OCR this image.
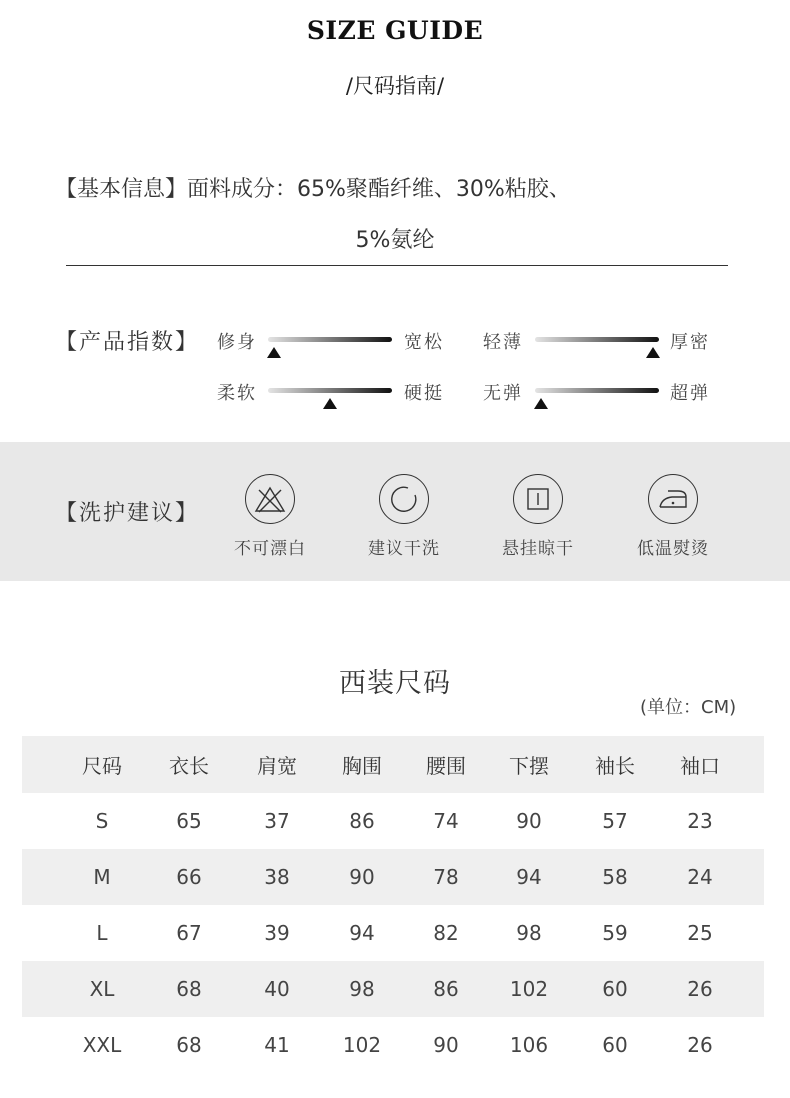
SIZE GUIDE
/尺码指南/
【基本信息】面料成分：65%聚酯纤维、30%粘胶、
5%氨纶
【产品指数】 修身	宽松 轻薄	厚密
柔软	硬挺 无弹	超弹
【洗护建议】
不可漂白	建议干洗	悬挂晾干	低温熨烫
西装尺码
(单位：CM)
尺码	衣长	肩宽	胸围	腰围	下摆	袖长	袖口
S	65	37	86	74	90	57	23
M	66	38	90	78	94	58	24
L	67	39	94	82	98	59	25
XL	68	40	98	86	102	60	26
XXL	68	41	102	90	106	60	26
